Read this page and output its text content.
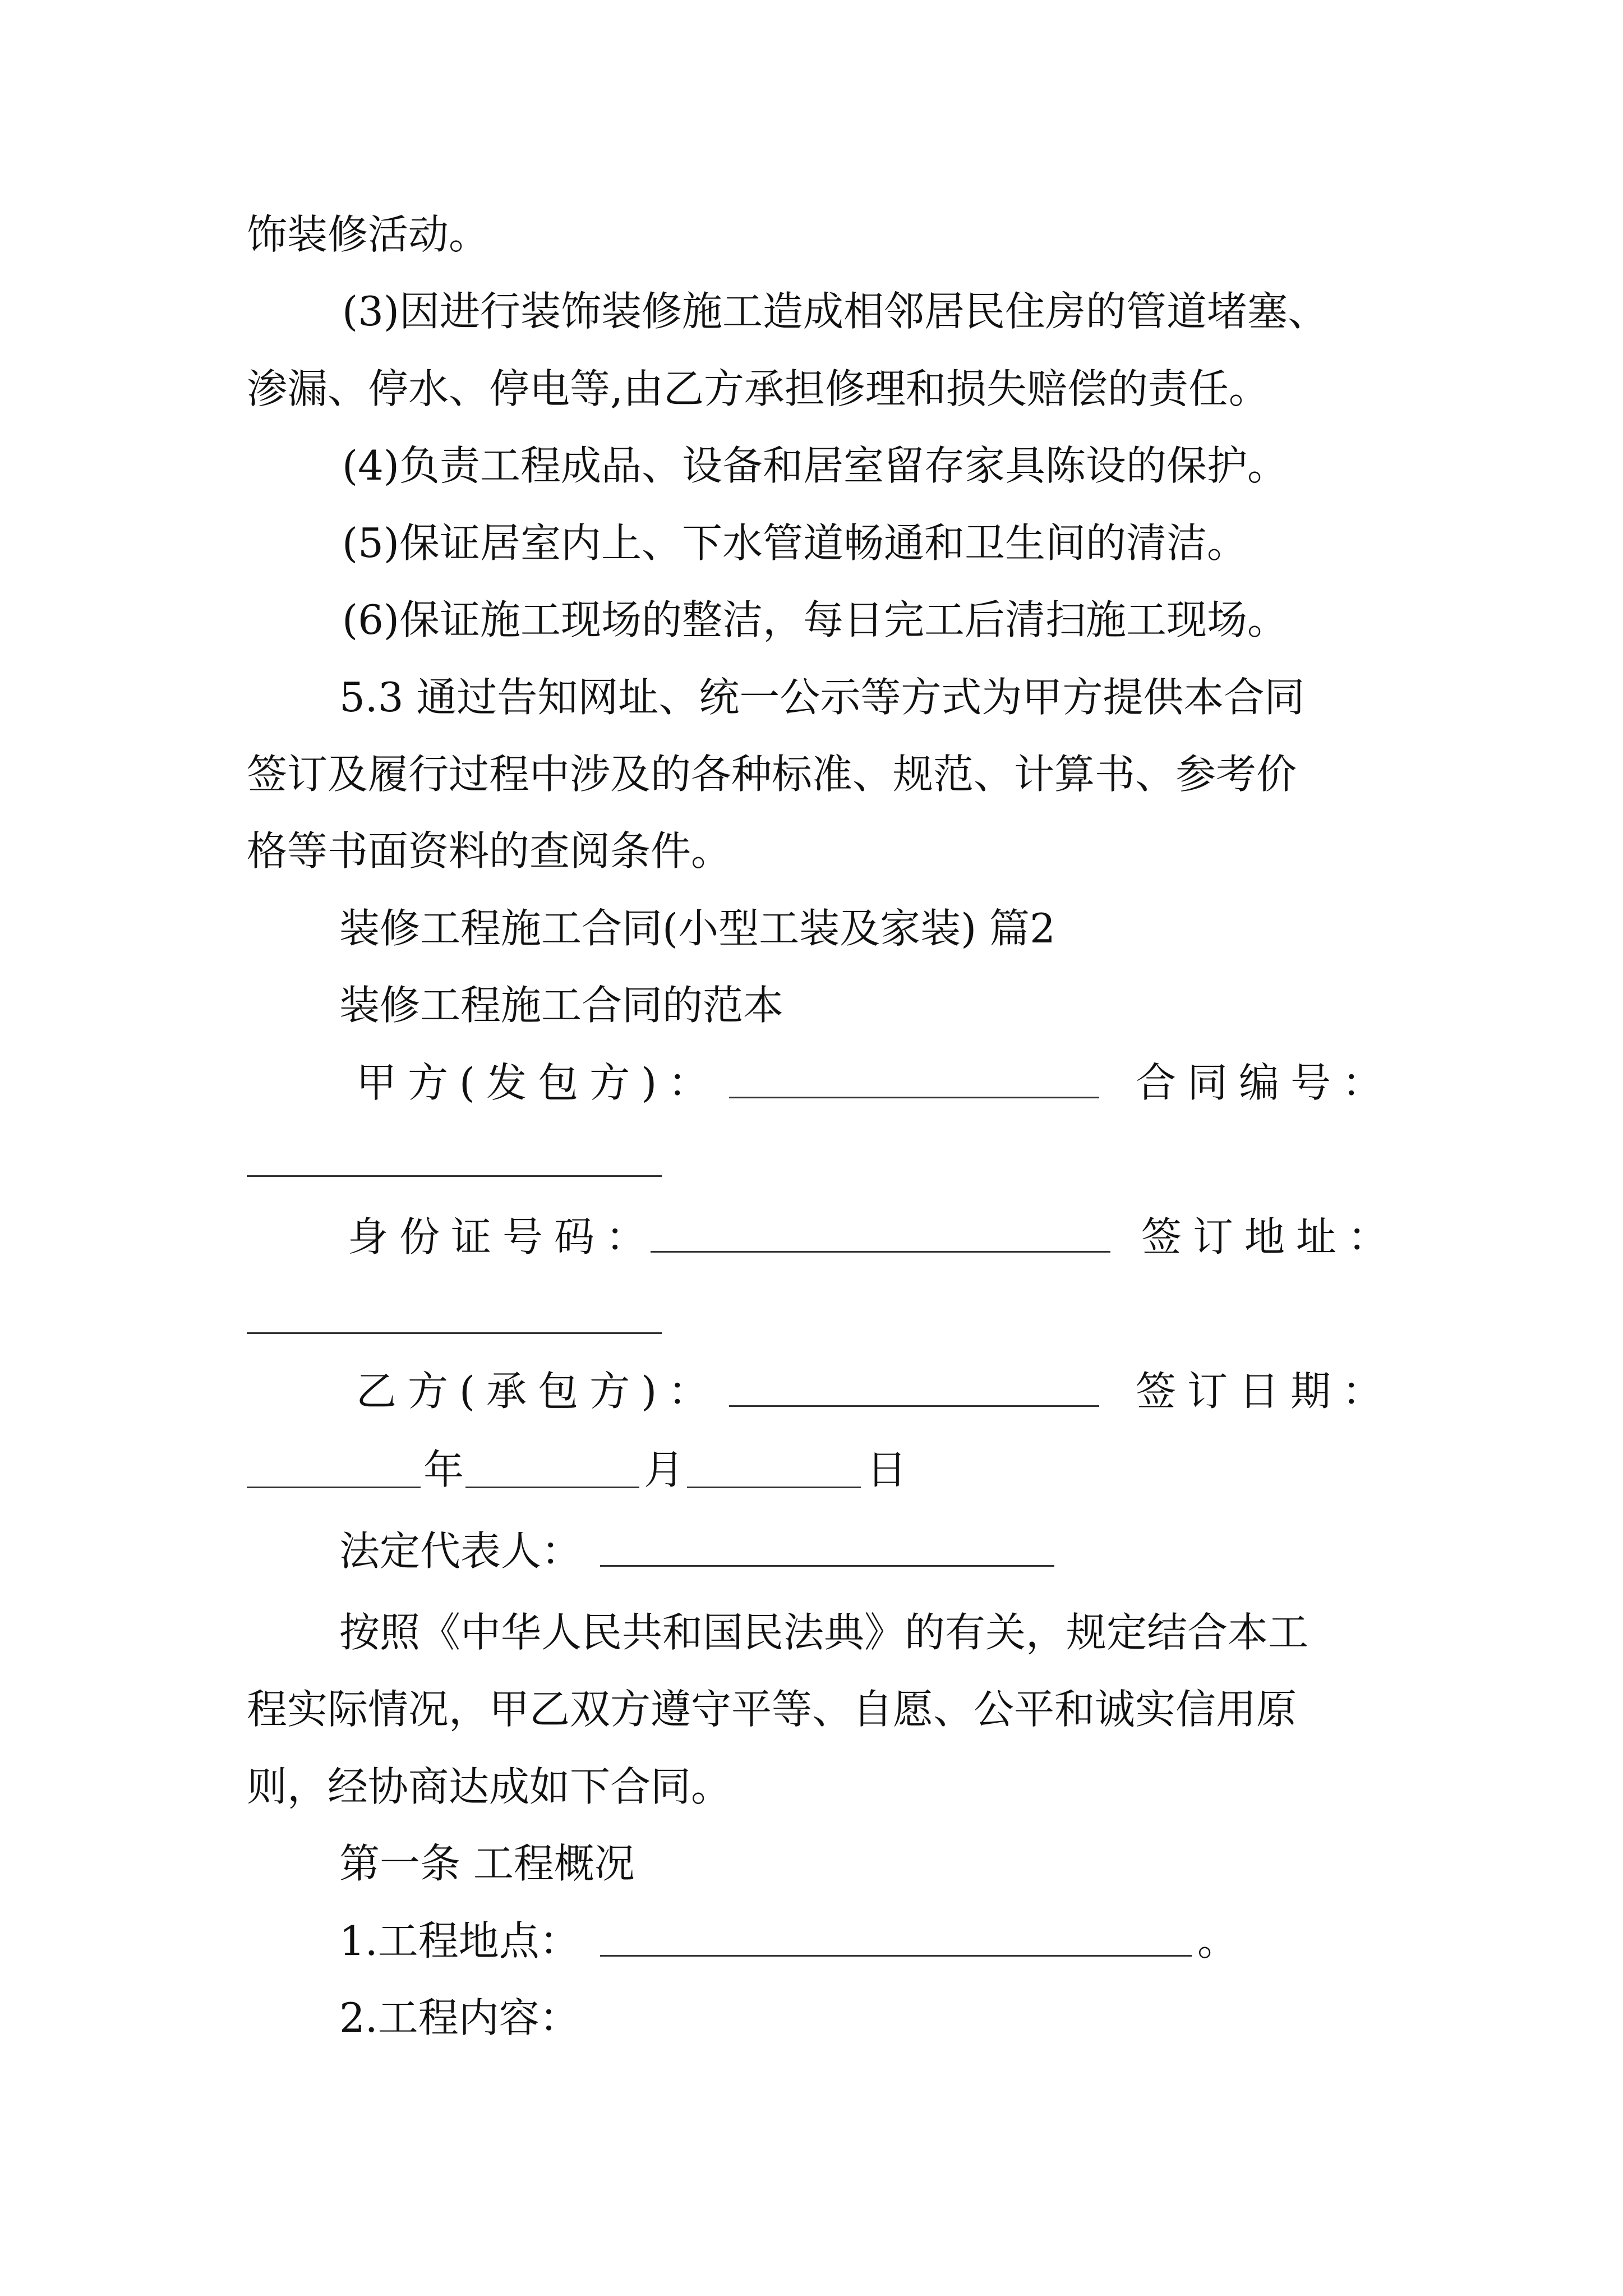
饰装修活动。

(3)因进行装饰装修施工造成相邻居民住房的管道堵塞、

渗漏、停水、停电等,由乙方承担修理和损失赔偿的责任。

(4)负责工程成品、设备和居室留存家具陈设的保护。

(5)保证居室内上、下水管道畅通和卫生间的清洁。

(6)保证施工现场的整洁，每日完工后清扫施工现场。

5.3 通过告知网址、统一公示等方式为甲方提供本合同

签订及履行过程中涉及的各种标准、规范、计算书、参考价

格等书面资料的查阅条件。

装修工程施工合同(小型工装及家装) 篇2

装修工程施工合同的范本

甲方(发包方)：	合同编号：

身份证号码：	签订地址：

乙方(承包方)：	签订日期：

年	月	日

法定代表人：

按照《中华人民共和国民法典》的有关，规定结合本工

程实际情况，甲乙双方遵守平等、自愿、公平和诚实信用原

则，经协商达成如下合同。

第一条 工程概况

1.工程地点：	。

2.工程内容：
